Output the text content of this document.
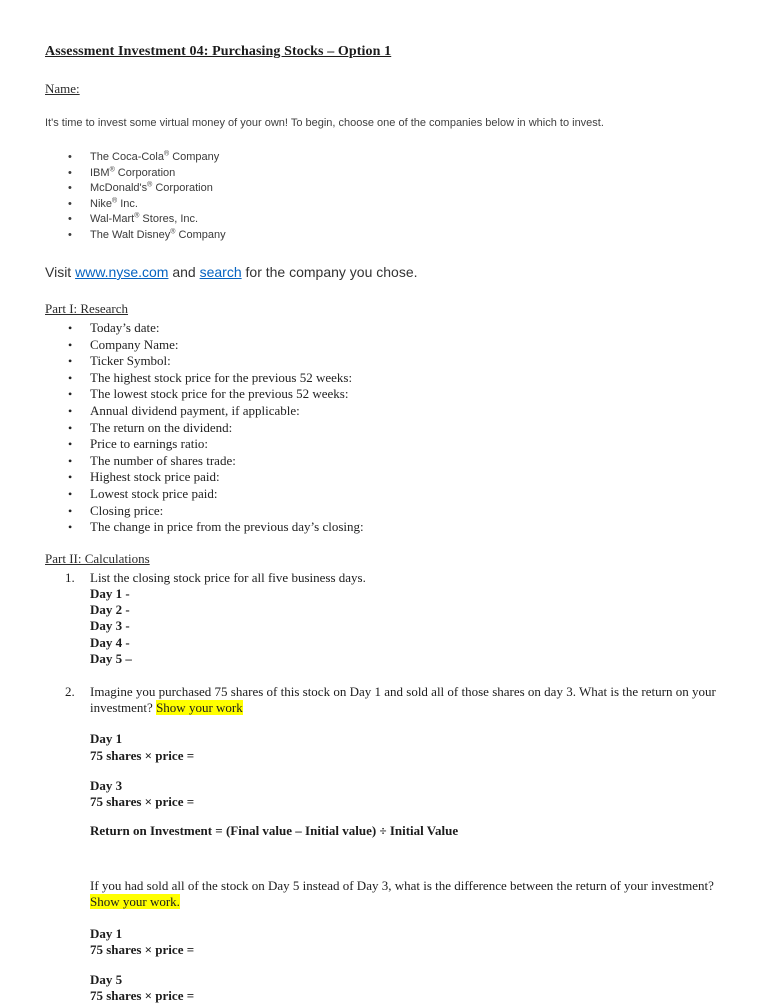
Assessment Investment 04: Purchasing Stocks – Option 1
Name:
It's time to invest some virtual money of your own! To begin, choose one of the companies below in which to invest.
• The Coca-Cola® Company
• IBM® Corporation
• McDonald's® Corporation
• Nike® Inc.
• Wal-Mart® Stores, Inc.
• The Walt Disney® Company
Visit www.nyse.com and search for the company you chose.
Part I: Research
• Today’s date:
• Company Name:
• Ticker Symbol:
• The highest stock price for the previous 52 weeks:
• The lowest stock price for the previous 52 weeks:
• Annual dividend payment, if applicable:
• The return on the dividend:
• Price to earnings ratio:
• The number of shares trade:
• Highest stock price paid:
• Lowest stock price paid:
• Closing price:
• The change in price from the previous day’s closing:
Part II: Calculations
1.	List the closing stock price for all five business days.
Day 1 -
Day 2 -
Day 3 -
Day 4 -
Day 5 –
2.	Imagine you purchased 75 shares of this stock on Day 1 and sold all of those shares on day 3. What is the return on your investment? Show your work
Day 1
75 shares × price =
Day 3
75 shares × price =
Return on Investment = (Final value – Initial value) ÷ Initial Value
If you had sold all of the stock on Day 5 instead of Day 3, what is the difference between the return of your investment? Show your work.
Day 1
75 shares × price =
Day 5
75 shares × price =
